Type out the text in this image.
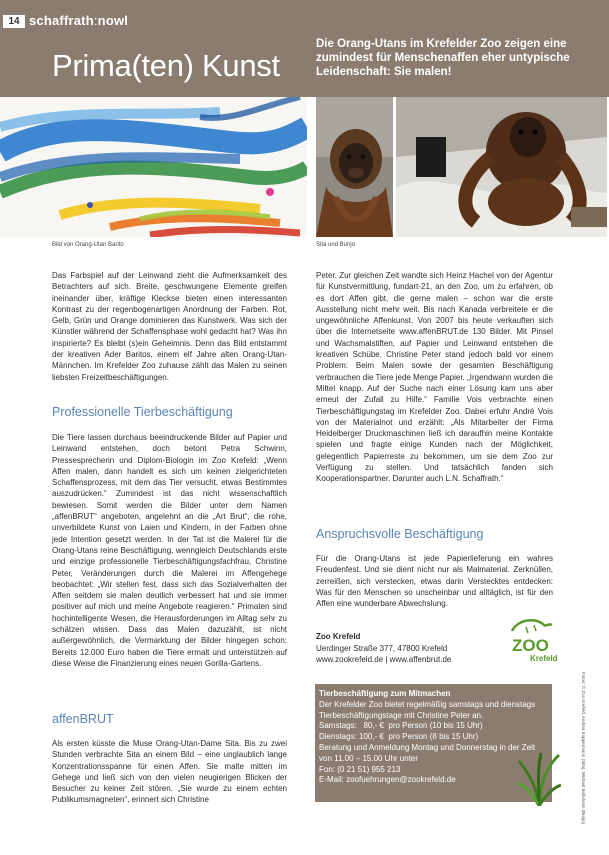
14 schaffrath:nowl
Prima(ten) Kunst
Die Orang-Utans im Krefelder Zoo zeigen eine zumindest für Menschenaffen eher untypische Leidenschaft: Sie malen!
Bild von Orang-Utan Barito	Sita und Bunjo

Das Farbspiel auf der Leinwand zieht die Aufmerksamkeit des Betrachters auf sich. Breite, geschwungene Elemente greifen ineinander über, kräftige Kleckse bieten einen interessanten Kontrast zu der regenbogenartigen Anordnung der Farben. Rot, Gelb, Grün und Orange dominieren das Kunstwerk. Was sich der Künstler während der Schaffensphase wohl gedacht hat? Was ihn inspirierte? Es bleibt (s)ein Geheimnis. Denn das Bild entstammt der kreativen Ader Baritos, einem elf Jahre alten Orang-Utan-Männchen. Im Krefelder Zoo zuhause zählt das Malen zu seinen liebsten Freizeitbeschäftigungen.

Professionelle Tierbeschäftigung

Die Tiere lassen durchaus beeindruckende Bilder auf Papier und Leinwand entstehen, doch betont Petra Schwinn, Pressesprecherin und Diplom-Biologin im Zoo Krefeld: „Wenn Affen malen, dann handelt es sich um keinen zielgerichteten Schaffensprozess, mit dem das Tier versucht, etwas Bestimmtes auszudrücken.“ Zumindest ist das nicht wissenschaftlich bewiesen. Somit werden die Bilder unter dem Namen „affenBRUT“ angeboten, angelehnt an die „Art Brut“, die rohe, unverbildete Kunst von Laien und Kindern, in der Farben ohne jede Intention gesetzt werden. In der Tat ist die Malerei für die Orang-Utans reine Beschäftigung, wenngleich Deutschlands erste und einzige professionelle Tierbeschäftigungsfachfrau, Christine Peter, Veränderungen durch die Malerei im Affengehege beobachtet: „Wir stellen fest, dass sich das Sozialverhalten der Affen seitdem sie malen deutlich verbessert hat und sie immer positiver auf mich und meine Angebote reagieren.“ Primaten sind hochintelligente Wesen, die Herausforderungen im Alltag sehr zu schätzen wissen. Dass das Malen dazuzählt, ist nicht außergewöhnlich, die Vermarktung der Bilder hingegen schon: Bereits 12.000 Euro haben die Tiere ermalt und unterstützen auf diese Weise die Finanzierung eines neuen Gorilla-Gartens.

affenBRUT

Als ersten küsste die Muse Orang-Utan-Dame Sita. Bis zu zwei Stunden verbrachte Sita an einem Bild – eine unglaublich lange Konzentrationsspanne für einen Affen. Sie malte mitten im Gehege und ließ sich von den vielen neugierigen Blicken der Besucher zu keiner Zeit stören. „Sie wurde zu einem echten Publikumsmagneten“, erinnert sich Christine

Peter. Zur gleichen Zeit wandte sich Heinz Hachel von der Agentur für Kunstvermittlung, fundart-21, an den Zoo, um zu erfahren, ob es dort Affen gibt, die gerne malen – schon war die erste Ausstellung nicht mehr weit. Bis nach Kanada verbreitete er die ungewöhnliche Affenkunst. Von 2007 bis heute verkauften sich über die Internetseite www.affenBRUT.de 130 Bilder. Mit Pinsel und Wachsmalstiften, auf Papier und Leinwand entstehen die kreativen Schübe. Christine Peter stand jedoch bald vor einem Problem: Beim Malen sowie der gesamten Beschäftigung verbrauchen die Tiere jede Menge Papier. „Irgendwann wurden die Mittel knapp. Auf der Suche nach einer Lösung kam uns aber erneut der Zufall zu Hilfe.“ Familie Vois verbrachte einen Tierbeschäftigungstag im Krefelder Zoo. Dabei erfuhr André Vois von der Materialnot und erzählt: „Als Mitarbeiter der Firma Heidelberger Druckmaschinen ließ ich daraufhin meine Kontakte spielen und fragte einige Kunden nach der Möglichkeit, gelegentlich Papierreste zu bekommen, um sie dem Zoo zur Verfügung zu stellen. Und tatsächlich fanden sich Kooperationspartner. Darunter auch L.N. Schaffrath.“

Anspruchsvolle Beschäftigung

Für die Orang-Utans ist jede Papierlieferung ein wahres Freudenfest. Und sie dient nicht nur als Malmaterial. Zerknüllen, zerreißen, sich verstecken, etwas darin Verstecktes entdecken: Was für den Menschen so unscheinbar und alltäglich, ist für den Affen eine wunderbare Abwechslung.

Zoo Krefeld
Uerdinger Straße 377, 47800 Krefeld
www.zookrefeld.de | www.affenbrut.de
ZOO
Krefeld
Tierbeschäftigung zum Mitmachen
Der Krefelder Zoo bietet regelmäßig samstags und dienstags Tierbeschäftigungstage mit Christine Peter an.
Samstags:   80,- €  pro Person (10 bis 15 Uhr)
Dienstags: 100,- €  pro Person (8 bis 15 Uhr)
Beratung und Anmeldung Montag und Donnerstag in der Zeit von 11.00 – 15.00 Uhr unter
Fon: (0 21 51) 955 213
E-Mail: zoofuehrungen@zookrefeld.de	Fotos: © Zoo Krefeld, Andrea Koppermann (Sita), Michael Bolleheim (Bunjo)
